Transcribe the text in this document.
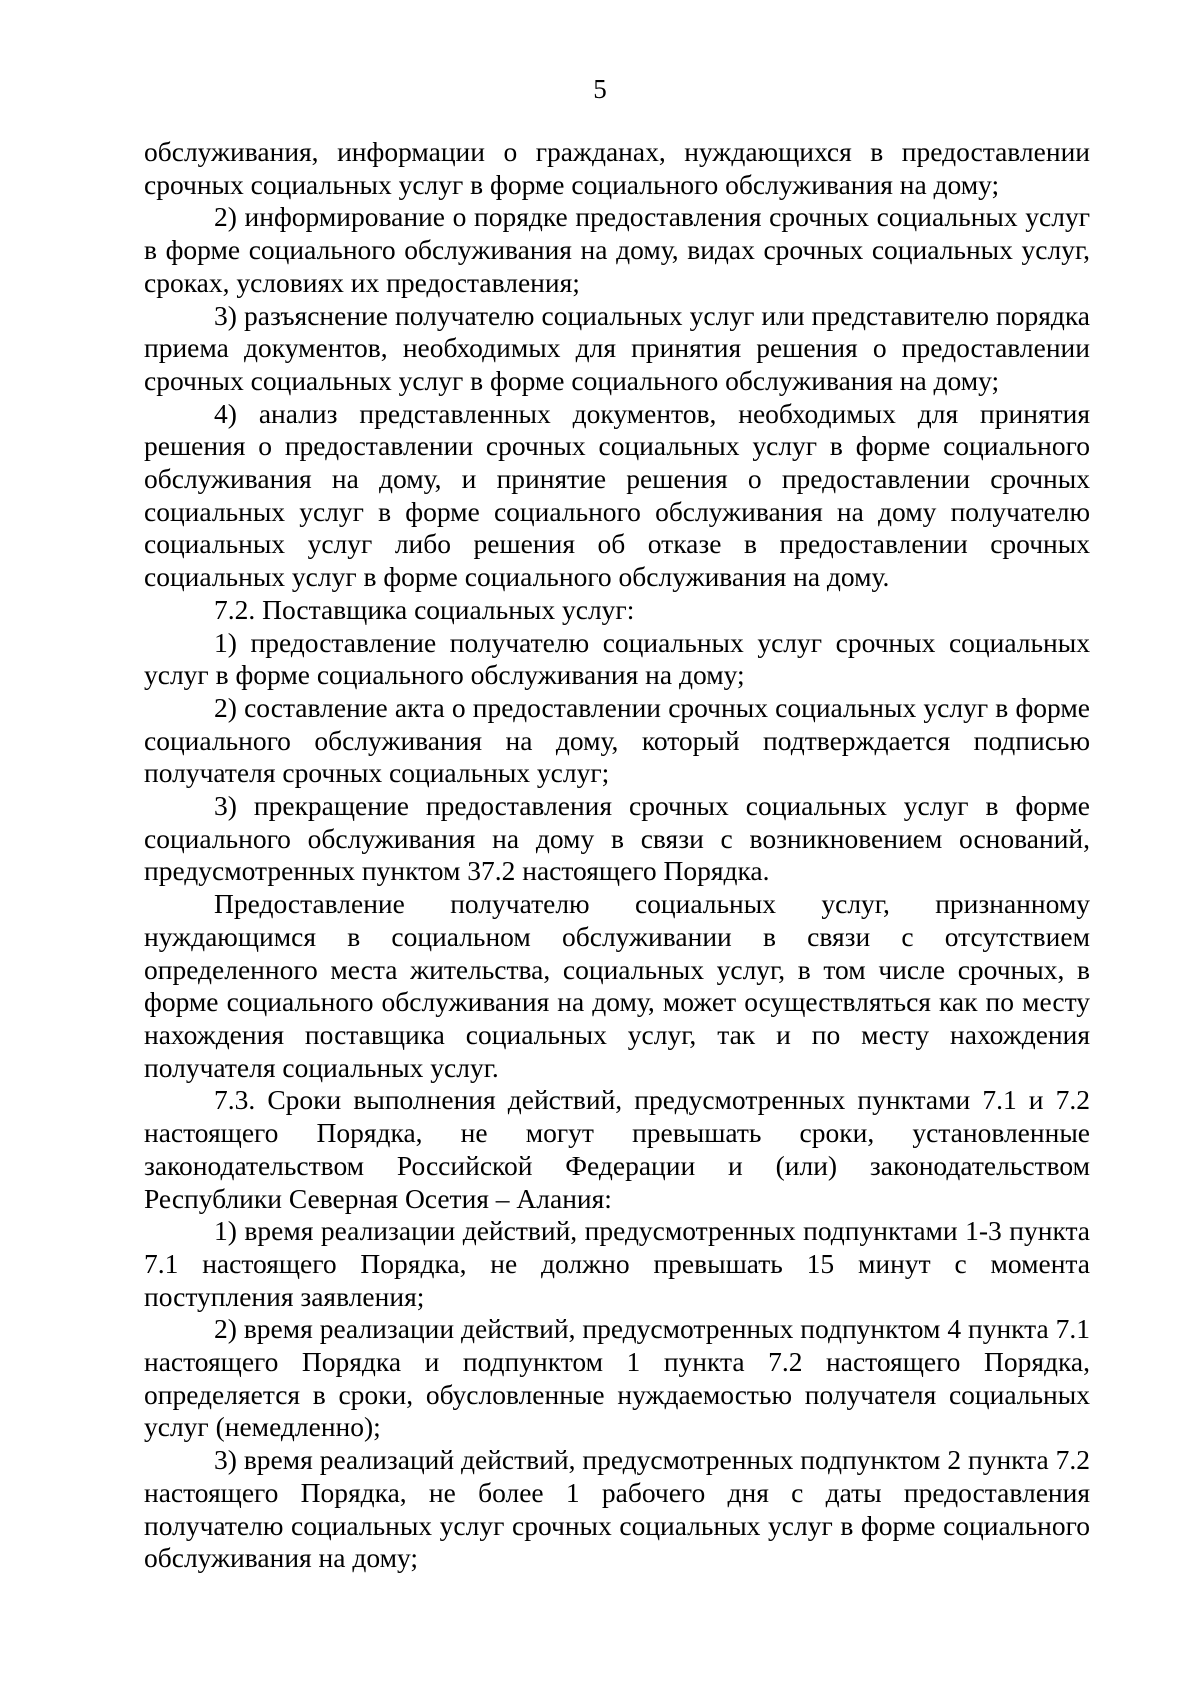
5

обслуживания, информации о гражданах, нуждающихся в предоставлении срочных социальных услуг в форме социального обслуживания на дому;

2) информирование о порядке предоставления срочных социальных услуг в форме социального обслуживания на дому, видах срочных социальных услуг, сроках, условиях их предоставления;

3) разъяснение получателю социальных услуг или представителю порядка приема документов, необходимых для принятия решения о предоставлении срочных социальных услуг в форме социального обслуживания на дому;

4) анализ представленных документов, необходимых для принятия решения о предоставлении срочных социальных услуг в форме социального обслуживания на дому, и принятие решения о предоставлении срочных социальных услуг в форме социального обслуживания на дому получателю социальных услуг либо решения об отказе в предоставлении срочных социальных услуг в форме социального обслуживания на дому.

7.2. Поставщика социальных услуг:

1) предоставление получателю социальных услуг срочных социальных услуг в форме социального обслуживания на дому;

2) составление акта о предоставлении срочных социальных услуг в форме социального обслуживания на дому, который подтверждается подписью получателя срочных социальных услуг;

3) прекращение предоставления срочных социальных услуг в форме социального обслуживания на дому в связи с возникновением оснований, предусмотренных пунктом 37.2 настоящего Порядка.

Предоставление получателю социальных услуг, признанному нуждающимся в социальном обслуживании в связи с отсутствием определенного места жительства, социальных услуг, в том числе срочных, в форме социального обслуживания на дому, может осуществляться как по месту нахождения поставщика социальных услуг, так и по месту нахождения получателя социальных услуг.

7.3. Сроки выполнения действий, предусмотренных пунктами 7.1 и 7.2 настоящего Порядка, не могут превышать сроки, установленные законодательством Российской Федерации и (или) законодательством Республики Северная Осетия – Алания:

1) время реализации действий, предусмотренных подпунктами 1-3 пункта 7.1 настоящего Порядка, не должно превышать 15 минут с момента поступления заявления;

2) время реализации действий, предусмотренных подпунктом 4 пункта 7.1 настоящего Порядка и подпунктом 1 пункта 7.2 настоящего Порядка, определяется в сроки, обусловленные нуждаемостью получателя социальных услуг (немедленно);

3) время реализаций действий, предусмотренных подпунктом 2 пункта 7.2 настоящего Порядка, не более 1 рабочего дня с даты предоставления получателю социальных услуг срочных социальных услуг в форме социального обслуживания на дому;
